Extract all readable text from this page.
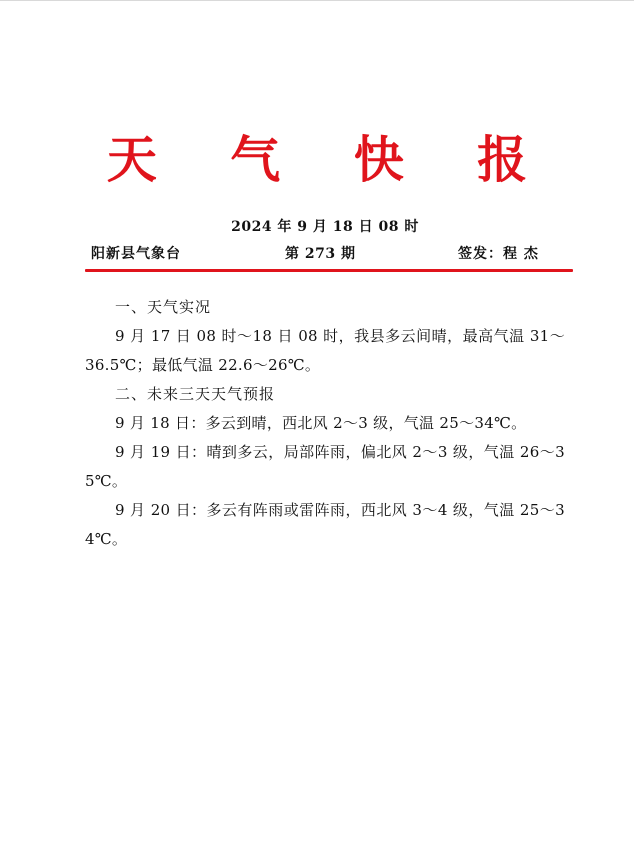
天 气 快 报
2024 年 9 月 18 日 08 时
阳新县气象台	第 273 期	签发：程 杰

一、天气实况

9 月 17 日 08 时～18 日 08 时，我县多云间晴，最高气温 31～36.5℃；最低气温 22.6～26℃。

二、未来三天天气预报

9 月 18 日：多云到晴，西北风 2～3 级，气温 25～34℃。

9 月 19 日：晴到多云，局部阵雨，偏北风 2～3 级，气温 26～35℃。

9 月 20 日：多云有阵雨或雷阵雨，西北风 3～4 级，气温 25～34℃。
